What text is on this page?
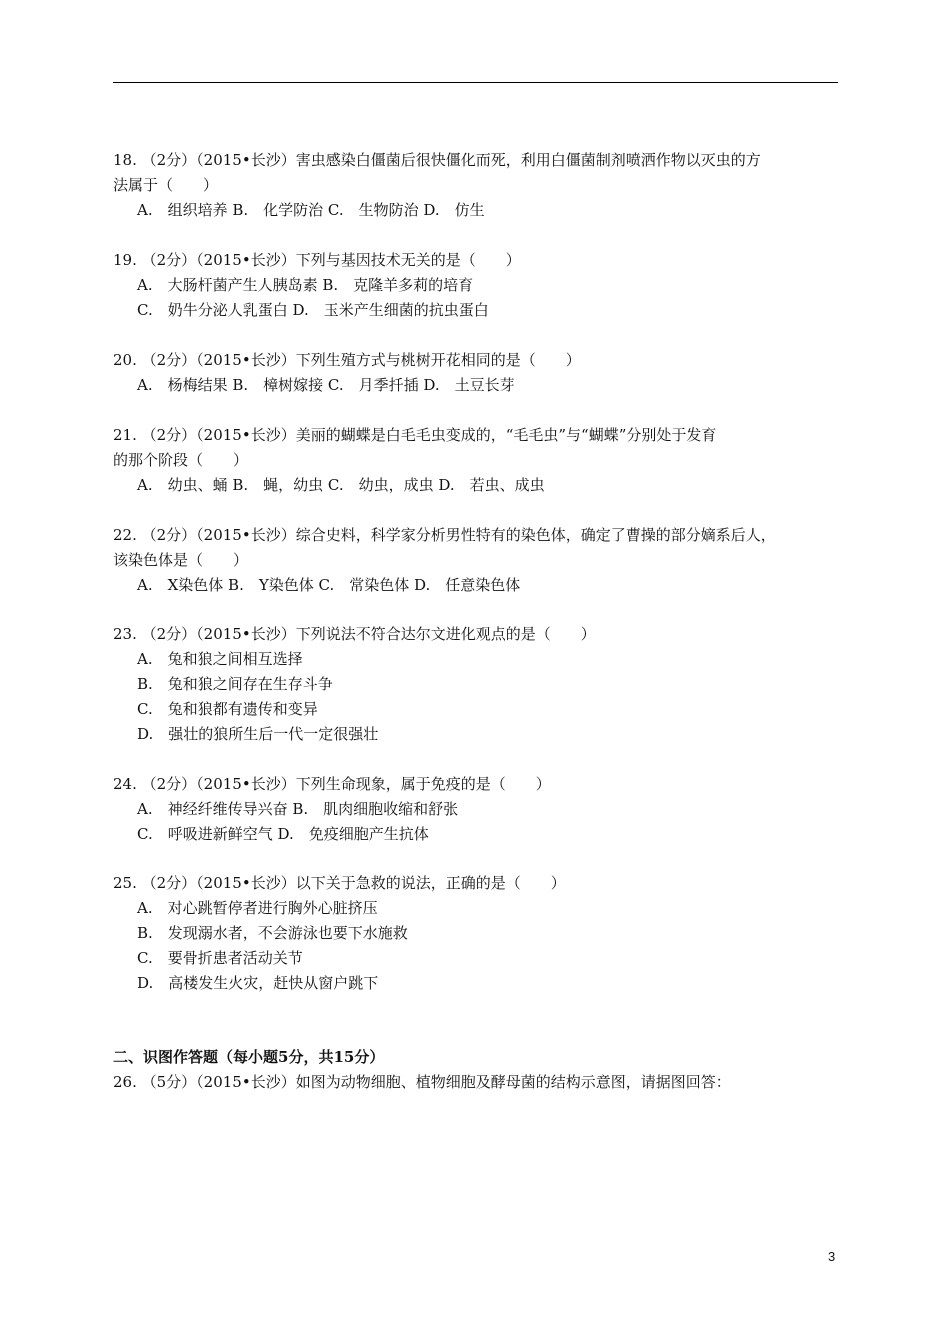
18. （2分）（2015•长沙）害虫感染白僵菌后很快僵化而死，利用白僵菌制剂喷洒作物以灭虫的方
法属于（　　）
A.　组织培养 B.　化学防治 C.　生物防治 D.　仿生
19. （2分）（2015•长沙）下列与基因技术无关的是（　　）
A.　大肠杆菌产生人胰岛素 B.　克隆羊多莉的培育
C.　奶牛分泌人乳蛋白 D.　玉米产生细菌的抗虫蛋白
20. （2分）（2015•长沙）下列生殖方式与桃树开花相同的是（　　）
A.　杨梅结果 B.　樟树嫁接 C.　月季扦插 D.　土豆长芽
21. （2分）（2015•长沙）美丽的蝴蝶是白毛毛虫变成的，“毛毛虫”与“蝴蝶”分别处于发育
的那个阶段（　　）
A.　幼虫、蛹 B.　蝇，幼虫 C.　幼虫，成虫 D.　若虫、成虫
22. （2分）（2015•长沙）综合史料，科学家分析男性特有的染色体，确定了曹操的部分嫡系后人，
该染色体是（　　）
A.　X染色体 B.　Y染色体 C.　常染色体 D.　任意染色体
23. （2分）（2015•长沙）下列说法不符合达尔文进化观点的是（　　）
A.　兔和狼之间相互选择
B.　兔和狼之间存在生存斗争
C.　兔和狼都有遗传和变异
D.　强壮的狼所生后一代一定很强壮
24. （2分）（2015•长沙）下列生命现象，属于免疫的是（　　）
A.　神经纤维传导兴奋 B.　肌肉细胞收缩和舒张
C.　呼吸进新鲜空气 D.　免疫细胞产生抗体
25. （2分）（2015•长沙）以下关于急救的说法，正确的是（　　）
A.　对心跳暂停者进行胸外心脏挤压
B.　发现溺水者，不会游泳也要下水施救
C.　要骨折患者活动关节
D.　高楼发生火灾，赶快从窗户跳下
二、识图作答题（每小题5分，共15分）
26. （5分）（2015•长沙）如图为动物细胞、植物细胞及酵母菌的结构示意图，请据图回答：
3
